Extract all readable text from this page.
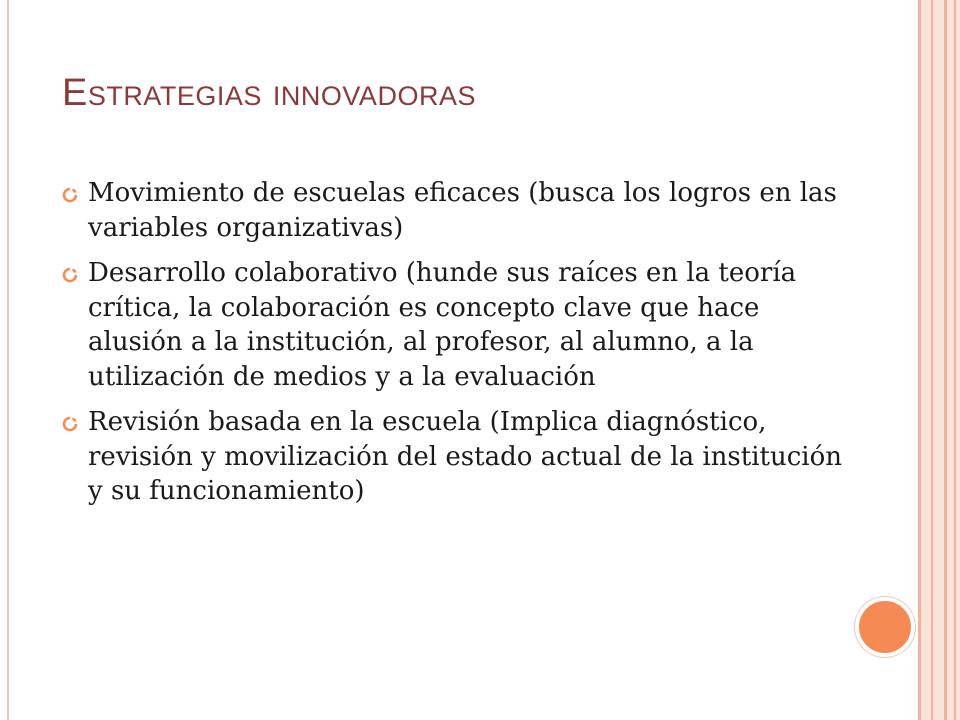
Estrategias innovadoras
Movimiento de escuelas eficaces (busca los logros en las variables organizativas)
Desarrollo colaborativo (hunde sus raíces en la teoría crítica, la colaboración es concepto clave que hace alusión a la institución, al profesor, al alumno, a la utilización de medios y a la evaluación
Revisión basada en la escuela (Implica diagnóstico, revisión y movilización del estado actual de la institución y su funcionamiento)
